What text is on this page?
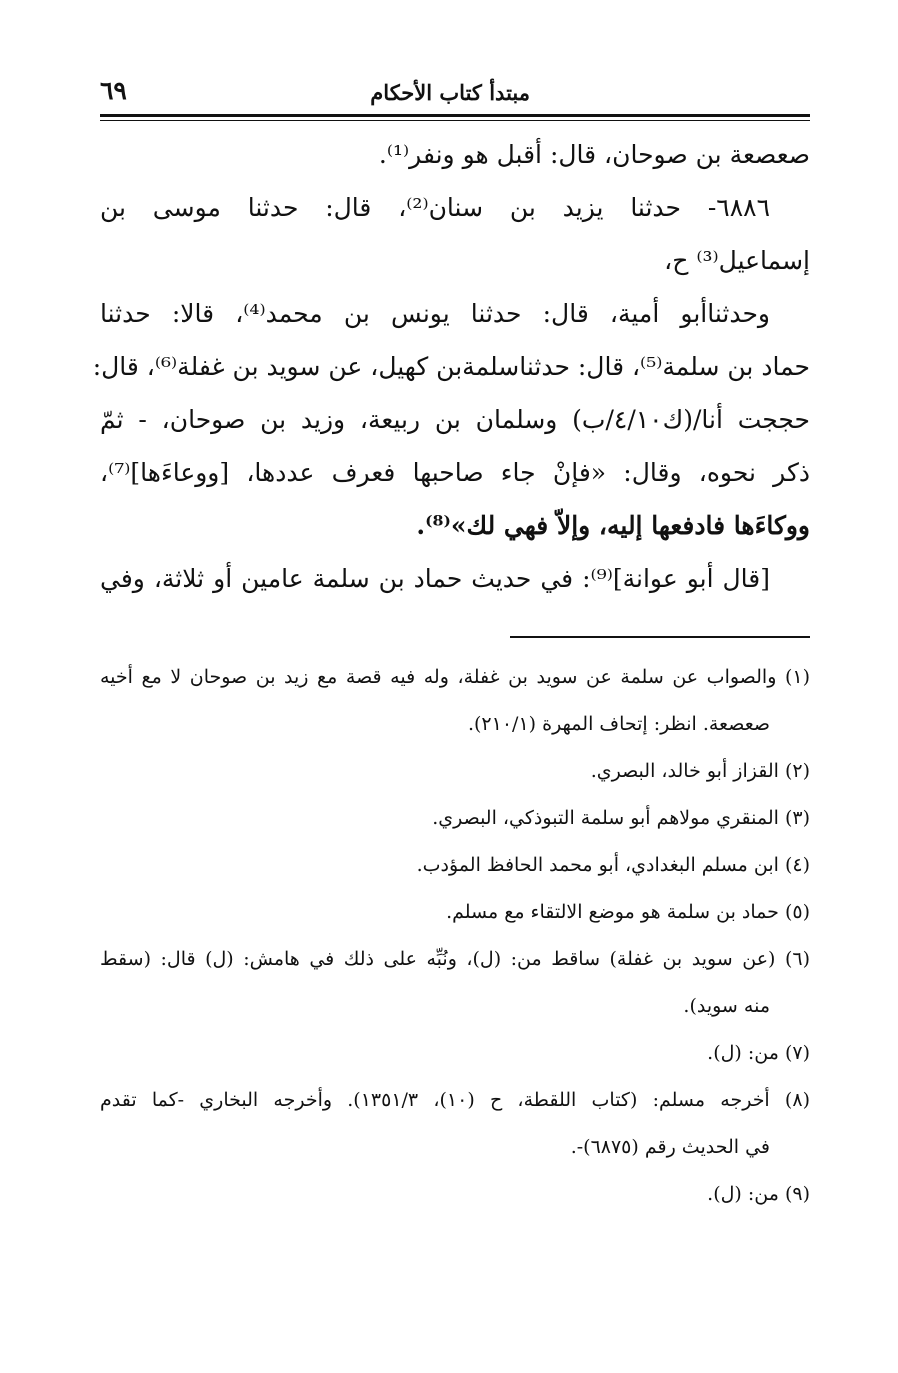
مبتدأ كتاب الأحكام
٦٩
صعصعة بن صوحان، قال: أقبل هو ونفر⁽¹⁾.
٦٨٨٦- حدثنا يزيد بن سنان⁽²⁾، قال: حدثنا موسى بن
إسماعيل⁽³⁾ ح،
وحدثناأبو أمية، قال: حدثنا يونس بن محمد⁽⁴⁾، قالا: حدثنا
حماد بن سلمة⁽⁵⁾، قال: حدثناسلمةبن كهيل، عن سويد بن غفلة⁽⁶⁾، قال:
حججت أنا/(ك٤/١٠/ب) وسلمان بن ربيعة، وزيد بن صوحان، - ثمّ
ذكر نحوه، وقال: «فإنْ جاء صاحبها فعرف عددها، [ووعاءَها]⁽⁷⁾،
ووكاءَها فادفعها إليه، وإلاّ فهي لك»⁽⁸⁾.
[قال أبو عوانة]⁽⁹⁾: في حديث حماد بن سلمة عامين أو ثلاثة، وفي
(١) والصواب عن سلمة عن سويد بن غفلة، وله فيه قصة مع زيد بن صوحان لا مع أخيه
صعصعة. انظر: إتحاف المهرة (٢١٠/١).
(٢) القزاز أبو خالد، البصري.
(٣) المنقري مولاهم أبو سلمة التبوذكي، البصري.
(٤) ابن مسلم البغدادي، أبو محمد الحافظ المؤدب.
(٥) حماد بن سلمة هو موضع الالتقاء مع مسلم.
(٦) (عن سويد بن غفلة) ساقط من: (ل)، ونُبِّه على ذلك في هامش: (ل) قال: (سقط
منه سويد).
(٧) من: (ل).
(٨) أخرجه مسلم: (كتاب اللقطة، ح (١٠)، ١٣٥١/٣). وأخرجه البخاري -كما تقدم
في الحديث رقم (٦٨٧٥)-.
(٩) من: (ل).
